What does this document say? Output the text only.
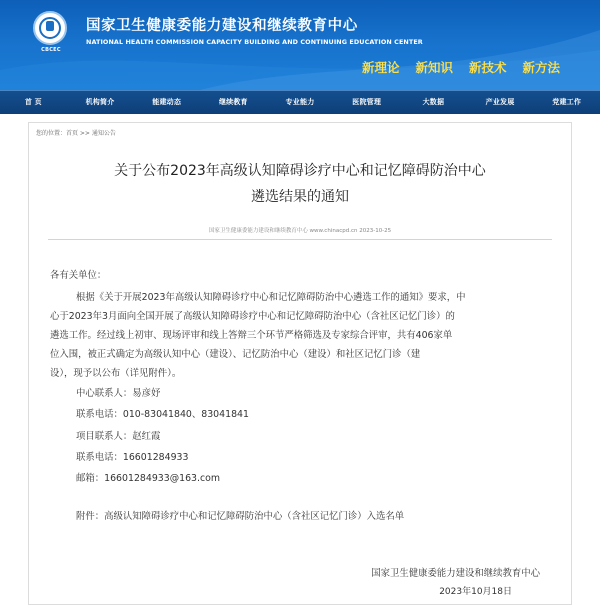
CBCEC
国家卫生健康委能力建设和继续教育中心
NATIONAL HEALTH COMMISSION CAPACITY BUILDING AND CONTINUING EDUCATION CENTER
新理论 新知识 新技术 新方法
首 页	机构简介	能建动态	继续教育	专业能力	医院管理	大数据	产业发展	党建工作
您的位置：首页 >> 通知公告
关于公布2023年高级认知障碍诊疗中心和记忆障碍防治中心
遴选结果的通知
国家卫生健康委能力建设和继续教育中心 www.chinacpd.cn 2023-10-25
各有关单位：
根据《关于开展2023年高级认知障碍诊疗中心和记忆障碍防治中心遴选工作的通知》要求，中
心于2023年3月面向全国开展了高级认知障碍诊疗中心和记忆障碍防治中心（含社区记忆门诊）的
遴选工作。经过线上初审、现场评审和线上答辩三个环节严格筛选及专家综合评审，共有406家单
位入围，被正式确定为高级认知中心（建设）、记忆防治中心（建设）和社区记忆门诊（建
设），现予以公布（详见附件）。
中心联系人：易彦妤
联系电话：010-83041840、83041841
项目联系人：赵红霞
联系电话：16601284933
邮箱：16601284933@163.com
附件：高级认知障碍诊疗中心和记忆障碍防治中心（含社区记忆门诊）入选名单
国家卫生健康委能力建设和继续教育中心
2023年10月18日
